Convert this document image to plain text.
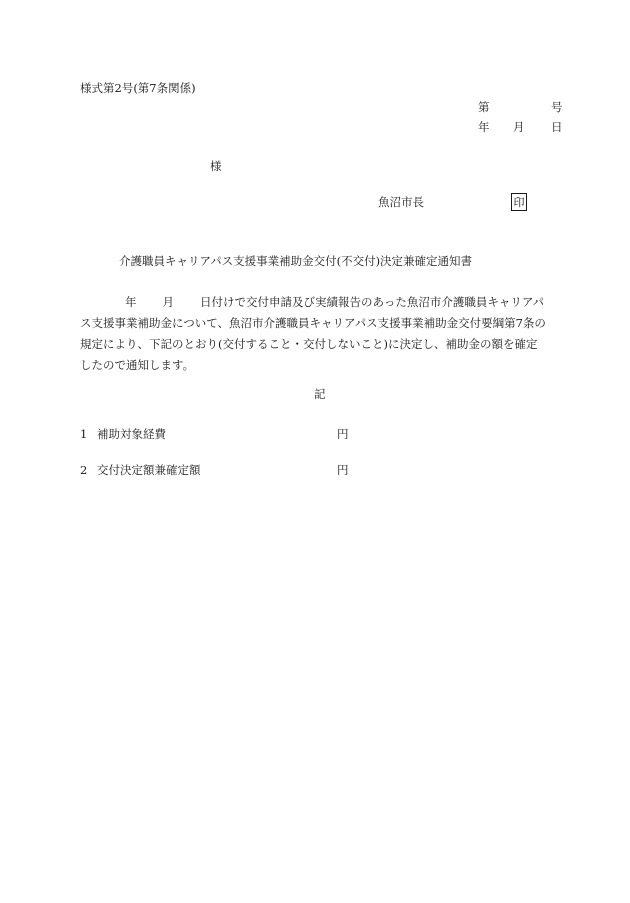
様式第2号(第7条関係)
第	号
年 月 日
様
魚沼市長	印
介護職員キャリアパス支援事業補助金交付(不交付)決定兼確定通知書
年 月 日付けで交付申請及び実績報告のあった魚沼市介護職員キャリアパ
ス支援事業補助金について、魚沼市介護職員キャリアパス支援事業補助金交付要綱第7条の
規定により、下記のとおり(交付すること・交付しないこと)に決定し、補助金の額を確定
したので通知します。
記
1 補助対象経費	円
2 交付決定額兼確定額	円
